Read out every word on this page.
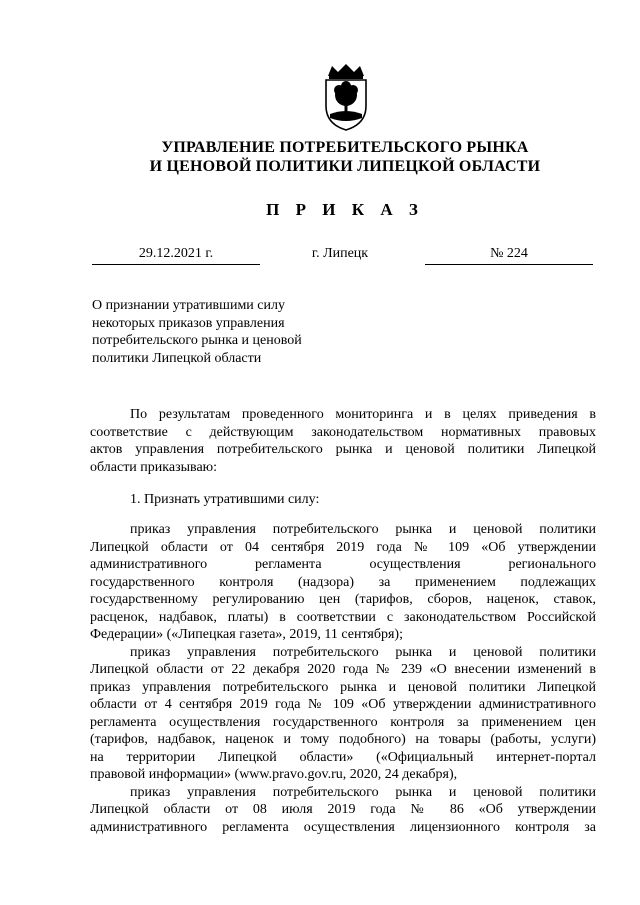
УПРАВЛЕНИЕ ПОТРЕБИТЕЛЬСКОГО РЫНКА
И ЦЕНОВОЙ ПОЛИТИКИ ЛИПЕЦКОЙ ОБЛАСТИ
П Р И К А З
29.12.2021 г.	г. Липецк	№ 224
О признании утратившими силу
некоторых приказов управления
потребительского рынка и ценовой
политики Липецкой области
По результатам проведенного мониторинга и в целях приведения в
соответствие с действующим законодательством нормативных правовых
актов управления потребительского рынка и ценовой политики Липецкой
области приказываю:
1. Признать утратившими силу:
приказ управления потребительского рынка и ценовой политики
Липецкой области от 04 сентября 2019 года № 109 «Об утверждении
административного регламента осуществления регионального
государственного контроля (надзора) за применением подлежащих
государственному регулированию цен (тарифов, сборов, наценок, ставок,
расценок, надбавок, платы) в соответствии с законодательством Российской
Федерации» («Липецкая газета», 2019, 11 сентября);
приказ управления потребительского рынка и ценовой политики
Липецкой области от 22 декабря 2020 года № 239 «О внесении изменений в
приказ управления потребительского рынка и ценовой политики Липецкой
области от 4 сентября 2019 года № 109 «Об утверждении административного
регламента осуществления государственного контроля за применением цен
(тарифов, надбавок, наценок и тому подобного) на товары (работы, услуги)
на территории Липецкой области» («Официальный интернет-портал
правовой информации» (www.pravo.gov.ru, 2020, 24 декабря),
приказ управления потребительского рынка и ценовой политики
Липецкой области от 08 июля 2019 года № 86 «Об утверждении
административного регламента осуществления лицензионного контроля за
